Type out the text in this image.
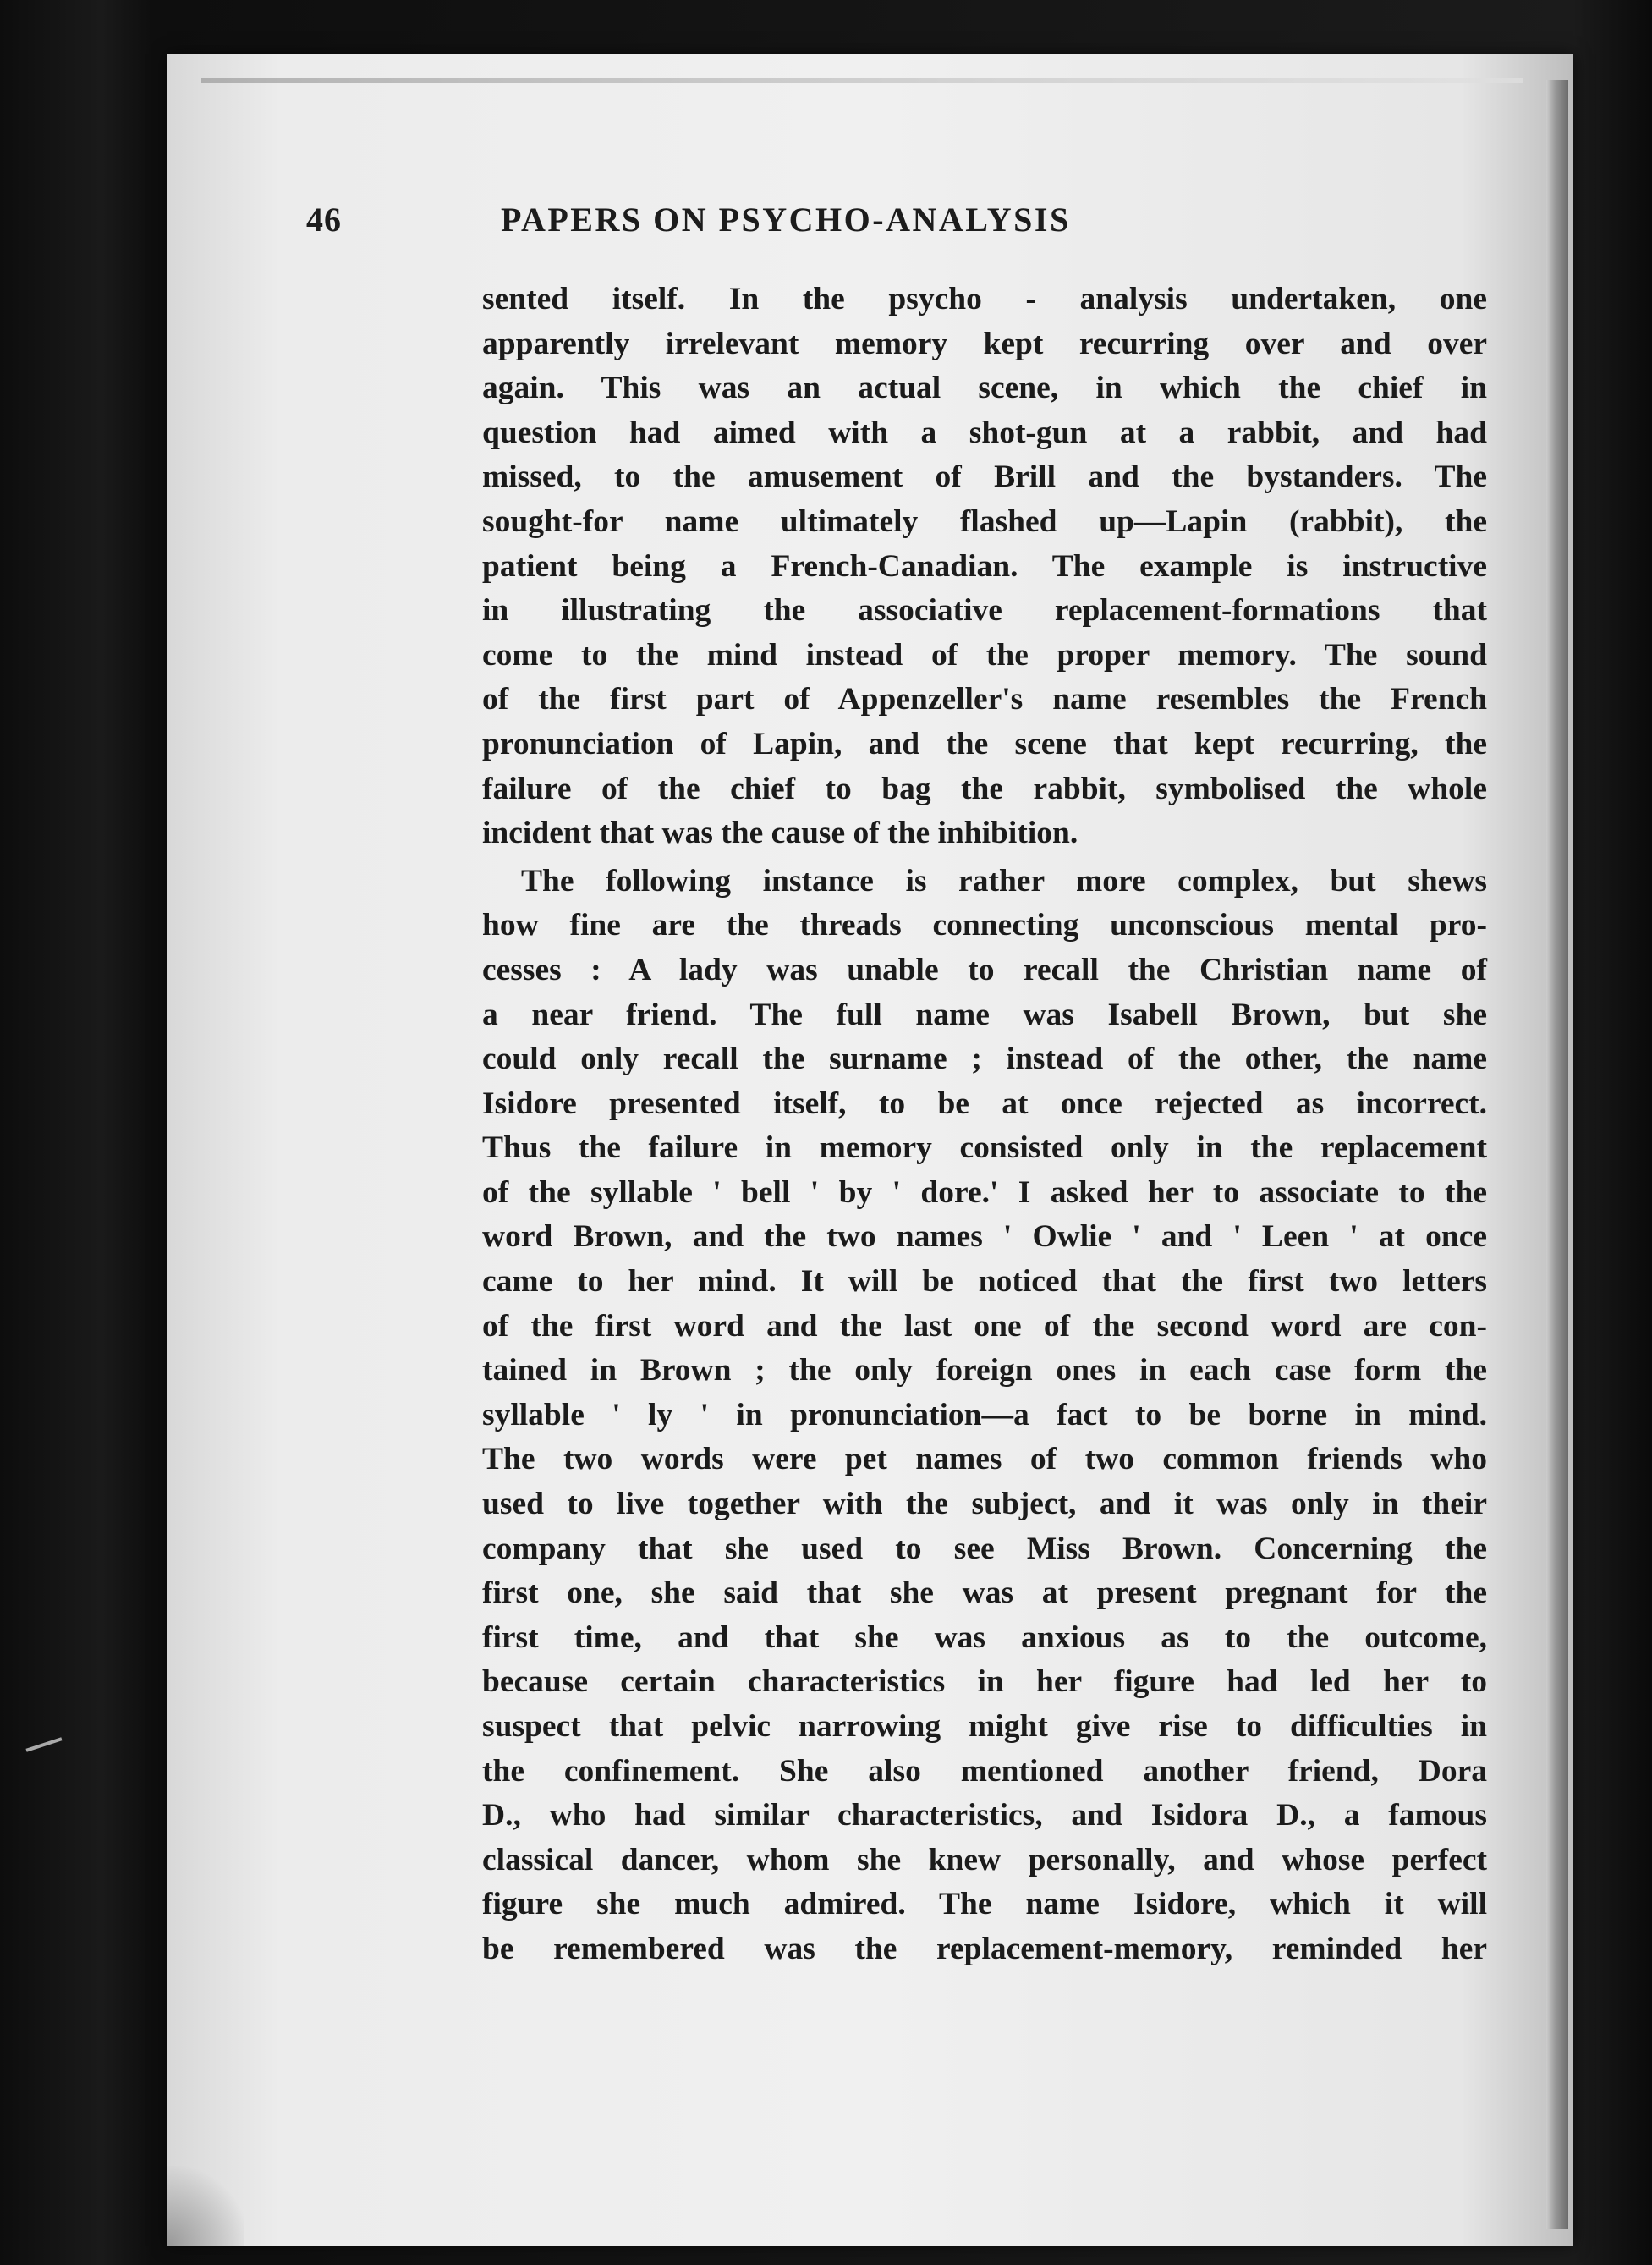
46	PAPERS ON PSYCHO-ANALYSIS
sented itself. In the psycho - analysis undertaken, one
apparently irrelevant memory kept recurring over and over
again. This was an actual scene, in which the chief in
question had aimed with a shot-gun at a rabbit, and had
missed, to the amusement of Brill and the bystanders. The
sought-for name ultimately flashed up—Lapin (rabbit), the
patient being a French-Canadian. The example is instructive
in illustrating the associative replacement-formations that
come to the mind instead of the proper memory. The sound
of the first part of Appenzeller's name resembles the French
pronunciation of Lapin, and the scene that kept recurring, the
failure of the chief to bag the rabbit, symbolised the whole
incident that was the cause of the inhibition.
The following instance is rather more complex, but shews
how fine are the threads connecting unconscious mental pro-
cesses : A lady was unable to recall the Christian name of
a near friend. The full name was Isabell Brown, but she
could only recall the surname ; instead of the other, the name
Isidore presented itself, to be at once rejected as incorrect.
Thus the failure in memory consisted only in the replacement
of the syllable ' bell ' by ' dore.' I asked her to associate to the
word Brown, and the two names ' Owlie ' and ' Leen ' at once
came to her mind. It will be noticed that the first two letters
of the first word and the last one of the second word are con-
tained in Brown ; the only foreign ones in each case form the
syllable ' ly ' in pronunciation—a fact to be borne in mind.
The two words were pet names of two common friends who
used to live together with the subject, and it was only in their
company that she used to see Miss Brown. Concerning the
first one, she said that she was at present pregnant for the
first time, and that she was anxious as to the outcome,
because certain characteristics in her figure had led her to
suspect that pelvic narrowing might give rise to difficulties in
the confinement. She also mentioned another friend, Dora
D., who had similar characteristics, and Isidora D., a famous
classical dancer, whom she knew personally, and whose perfect
figure she much admired. The name Isidore, which it will
be remembered was the replacement-memory, reminded her
